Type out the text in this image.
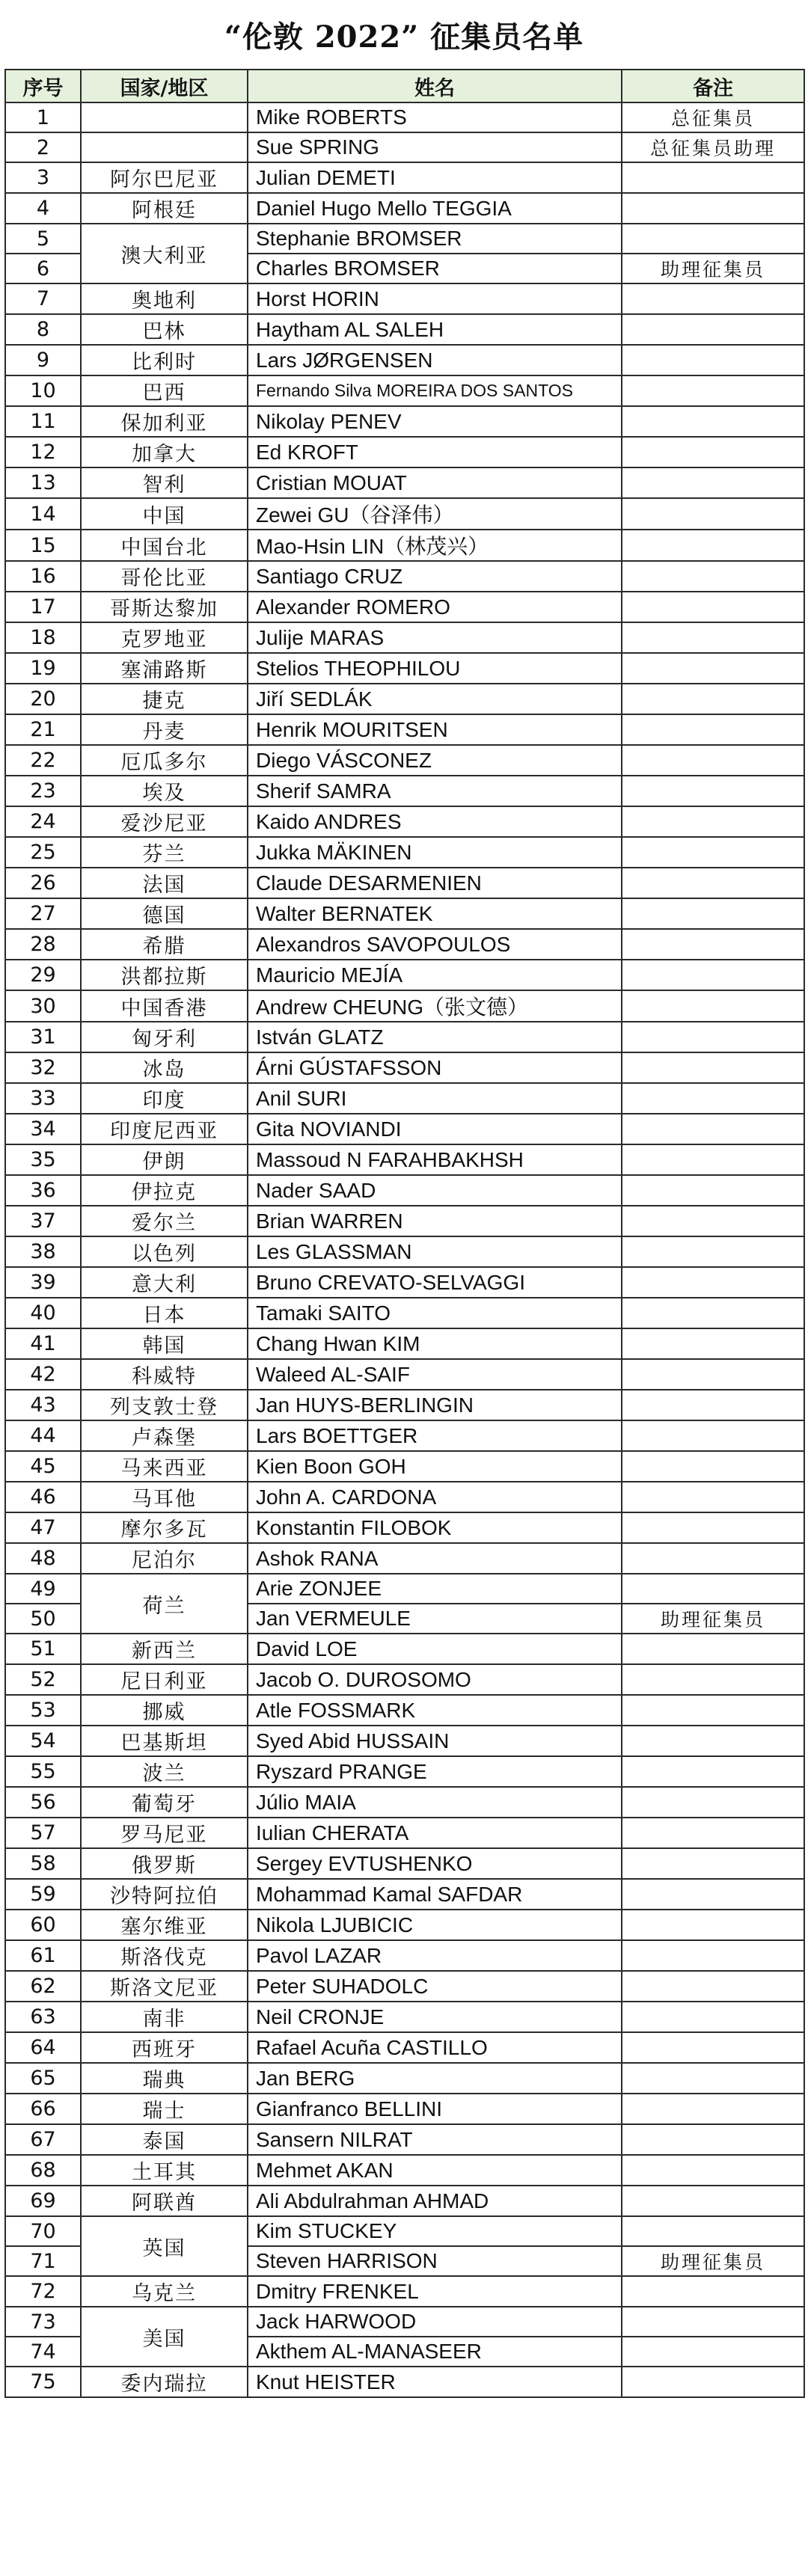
“伦敦 2022” 征集员名单
序号	国家/地区	姓名	备注
1		Mike ROBERTS	总征集员
2		Sue SPRING	总征集员助理
3	阿尔巴尼亚	Julian DEMETI	
4	阿根廷	Daniel Hugo Mello TEGGIA	
5	澳大利亚	Stephanie BROMSER	
6		Charles BROMSER	助理征集员
7	奥地利	Horst HORIN	
8	巴林	Haytham AL SALEH	
9	比利时	Lars JØRGENSEN	
10	巴西	Fernando Silva MOREIRA DOS SANTOS	
11	保加利亚	Nikolay PENEV	
12	加拿大	Ed KROFT	
13	智利	Cristian MOUAT	
14	中国	Zewei GU（谷泽伟）	
15	中国台北	Mao-Hsin LIN（林茂兴）	
16	哥伦比亚	Santiago CRUZ	
17	哥斯达黎加	Alexander ROMERO	
18	克罗地亚	Julije MARAS	
19	塞浦路斯	Stelios THEOPHILOU	
20	捷克	Jiří SEDLÁK	
21	丹麦	Henrik MOURITSEN	
22	厄瓜多尔	Diego VÁSCONEZ	
23	埃及	Sherif SAMRA	
24	爱沙尼亚	Kaido ANDRES	
25	芬兰	Jukka MÄKINEN	
26	法国	Claude DESARMENIEN	
27	德国	Walter BERNATEK	
28	希腊	Alexandros SAVOPOULOS	
29	洪都拉斯	Mauricio MEJÍA	
30	中国香港	Andrew CHEUNG（张文德）	
31	匈牙利	István GLATZ	
32	冰岛	Árni GÚSTAFSSON	
33	印度	Anil SURI	
34	印度尼西亚	Gita NOVIANDI	
35	伊朗	Massoud N FARAHBAKHSH	
36	伊拉克	Nader SAAD	
37	爱尔兰	Brian WARREN	
38	以色列	Les GLASSMAN	
39	意大利	Bruno CREVATO-SELVAGGI	
40	日本	Tamaki SAITO	
41	韩国	Chang Hwan KIM	
42	科威特	Waleed AL-SAIF	
43	列支敦士登	Jan HUYS-BERLINGIN	
44	卢森堡	Lars BOETTGER	
45	马来西亚	Kien Boon GOH	
46	马耳他	John A. CARDONA	
47	摩尔多瓦	Konstantin FILOBOK	
48	尼泊尔	Ashok RANA	
49	荷兰	Arie ZONJEE	
50		Jan VERMEULE	助理征集员
51	新西兰	David LOE	
52	尼日利亚	Jacob O. DUROSOMO	
53	挪威	Atle FOSSMARK	
54	巴基斯坦	Syed Abid HUSSAIN	
55	波兰	Ryszard PRANGE	
56	葡萄牙	Júlio MAIA	
57	罗马尼亚	Iulian CHERATA	
58	俄罗斯	Sergey EVTUSHENKO	
59	沙特阿拉伯	Mohammad Kamal SAFDAR	
60	塞尔维亚	Nikola LJUBICIC	
61	斯洛伐克	Pavol LAZAR	
62	斯洛文尼亚	Peter SUHADOLC	
63	南非	Neil CRONJE	
64	西班牙	Rafael Acuña CASTILLO	
65	瑞典	Jan BERG	
66	瑞士	Gianfranco BELLINI	
67	泰国	Sansern NILRAT	
68	土耳其	Mehmet AKAN	
69	阿联酋	Ali Abdulrahman AHMAD	
70	英国	Kim STUCKEY	
71		Steven HARRISON	助理征集员
72	乌克兰	Dmitry FRENKEL	
73	美国	Jack HARWOOD	
74		Akthem AL-MANASEER	
75	委内瑞拉	Knut HEISTER	
